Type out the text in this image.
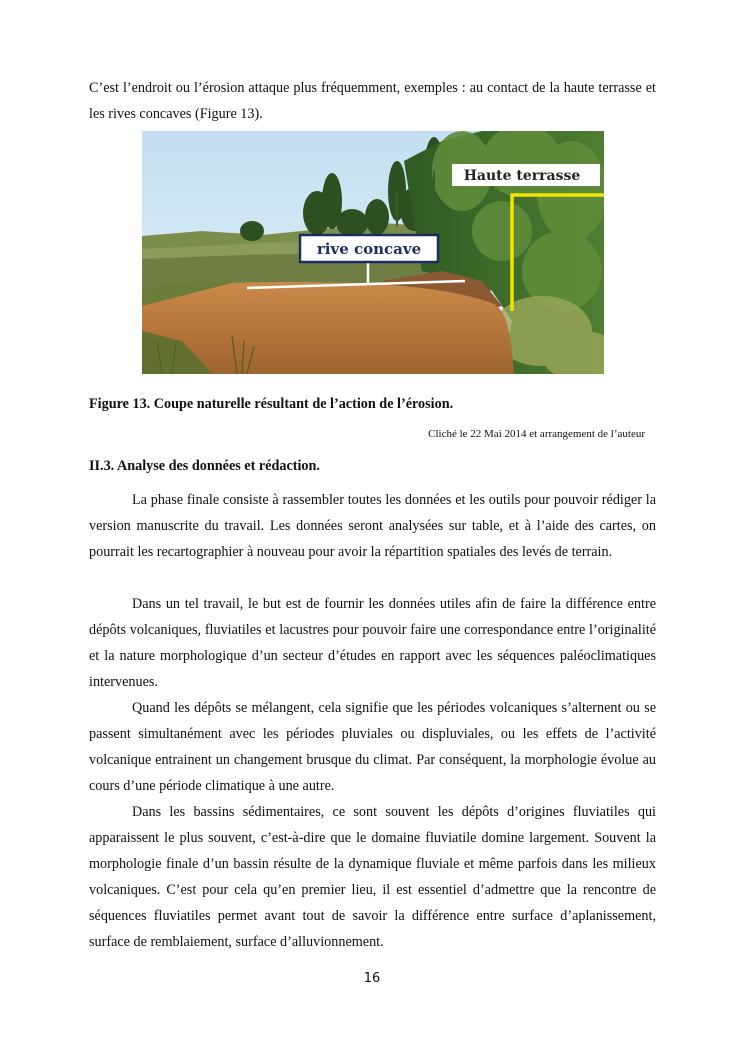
C’est l’endroit ou l’érosion attaque plus fréquemment, exemples : au contact de la haute terrasse et les rives concaves (Figure 13).

rive concave
Haute terrasse

Figure 13. Coupe naturelle résultant de l’action de l’érosion.

Cliché le 22 Mai 2014 et arrangement de l’auteur

II.3. Analyse des données et rédaction.

La phase finale consiste à rassembler toutes les données et les outils pour pouvoir rédiger la version manuscrite du travail. Les données seront analysées sur table, et à l’aide des cartes, on pourrait les recartographier à nouveau pour avoir la répartition spatiales des levés de terrain.

Dans un tel travail, le but est de fournir les données utiles afin de faire la différence entre dépôts volcaniques, fluviatiles et lacustres pour pouvoir faire une correspondance entre l’originalité et la nature morphologique d’un secteur d’études en rapport avec les séquences paléoclimatiques intervenues.

Quand les dépôts se mélangent, cela signifie que les périodes volcaniques s’alternent ou se passent simultanément avec les périodes pluviales ou displuviales, ou les effets de l’activité volcanique entrainent un changement brusque du climat. Par conséquent, la morphologie évolue au cours d’une période climatique à une autre.

Dans les bassins sédimentaires, ce sont souvent les dépôts d’origines fluviatiles qui apparaissent le plus souvent, c’est-à-dire que le domaine fluviatile domine largement. Souvent la morphologie finale d’un bassin résulte de la dynamique fluviale et même parfois dans les milieux volcaniques. C’est pour cela qu’en premier lieu, il est essentiel d’admettre que la rencontre de séquences fluviatiles permet avant tout de savoir la différence entre surface d’aplanissement, surface de remblaiement, surface d’alluvionnement.

16
